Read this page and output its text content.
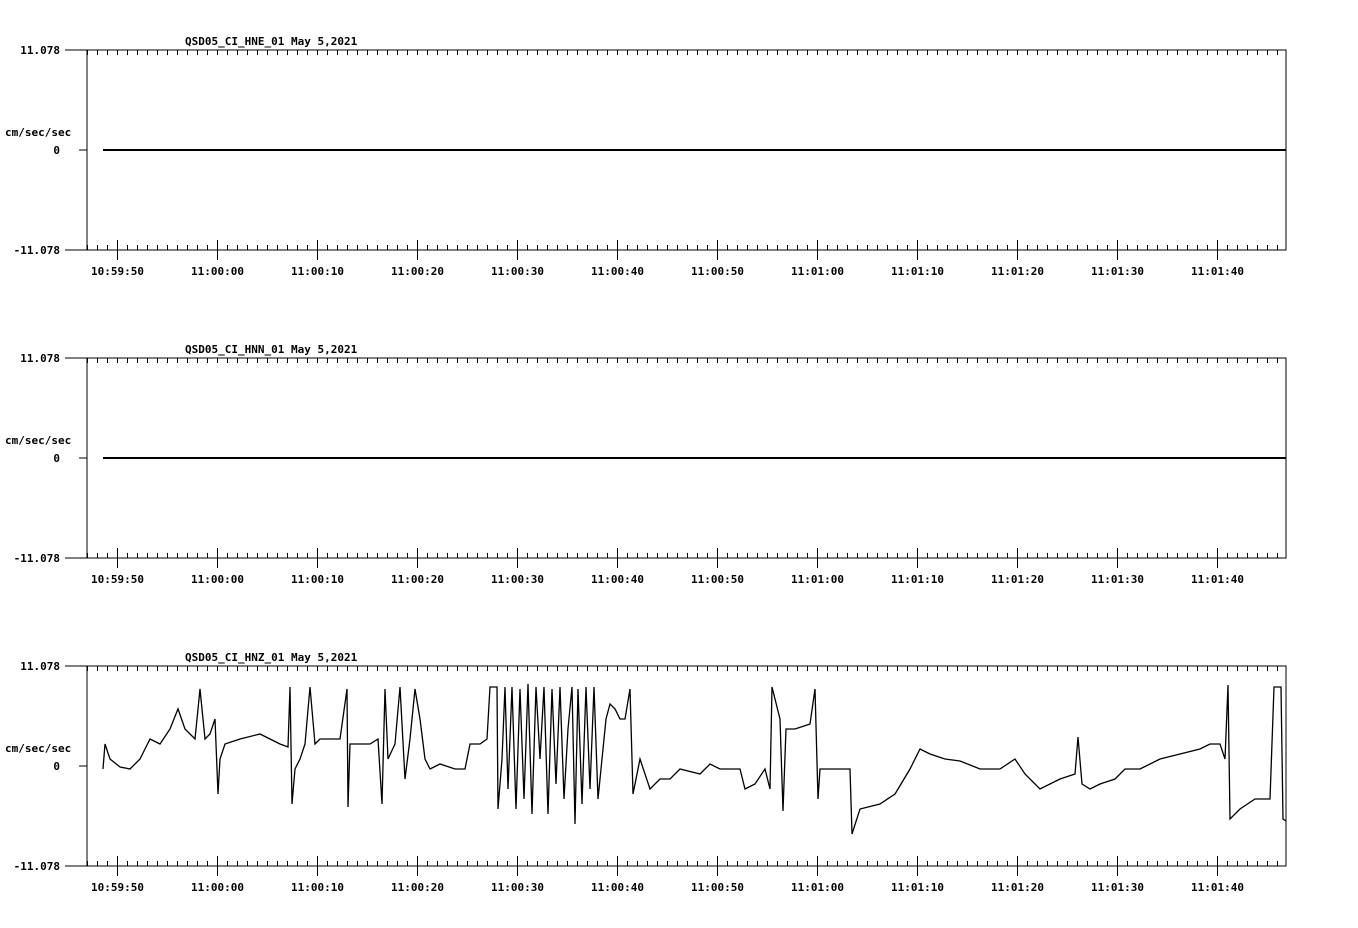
QSD05_CI_HNE_01 May 5,2021
cm/sec/sec
11.078
0
-11.078
10:59:50	11:00:00	11:00:10	11:00:20	11:00:30	11:00:40	11:00:50	11:01:00	11:01:10	11:01:20	11:01:30	11:01:40
QSD05_CI_HNN_01 May 5,2021
cm/sec/sec
11.078
0
-11.078
10:59:50	11:00:00	11:00:10	11:00:20	11:00:30	11:00:40	11:00:50	11:01:00	11:01:10	11:01:20	11:01:30	11:01:40
QSD05_CI_HNZ_01 May 5,2021
cm/sec/sec
11.078
0
-11.078
10:59:50	11:00:00	11:00:10	11:00:20	11:00:30	11:00:40	11:00:50	11:01:00	11:01:10	11:01:20	11:01:30	11:01:40
